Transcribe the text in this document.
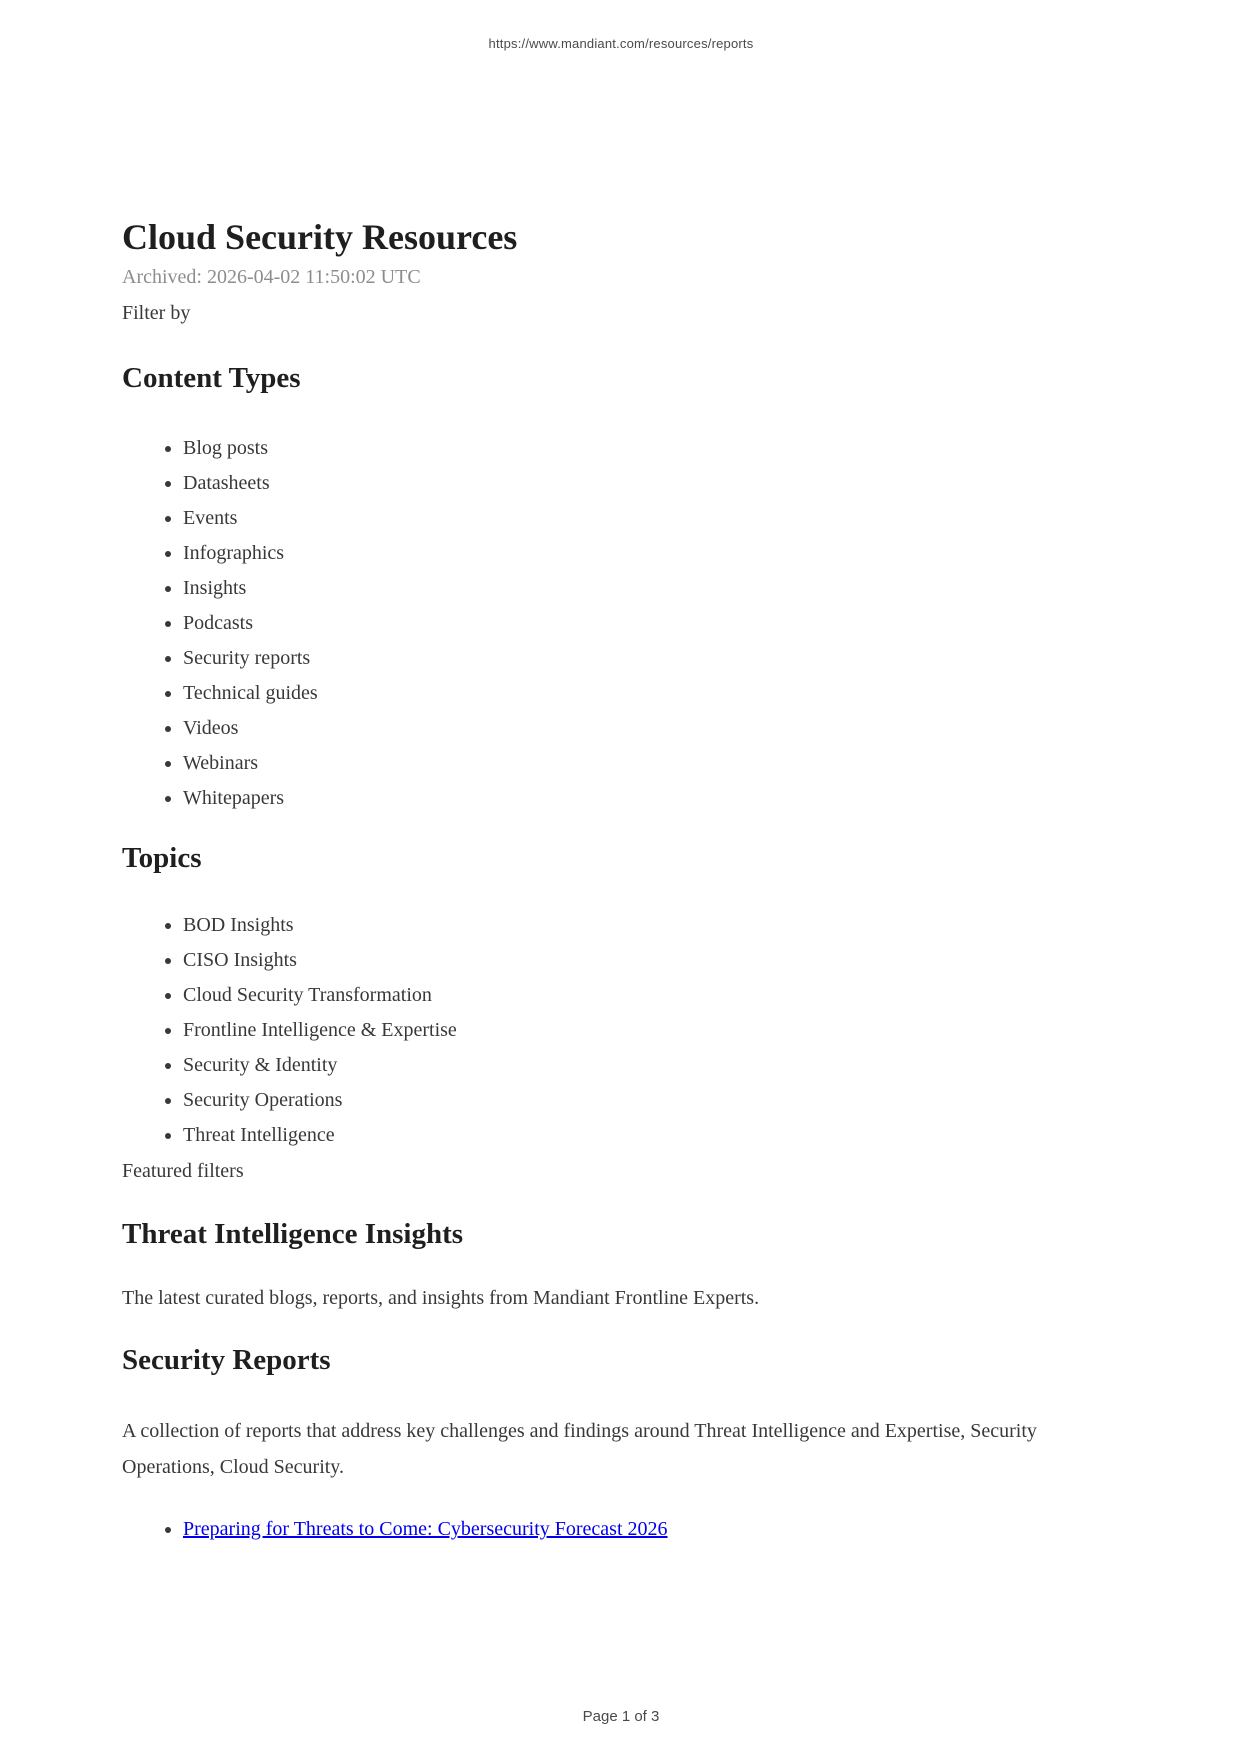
https://www.mandiant.com/resources/reports
Cloud Security Resources

Archived: 2026-04-02 11:50:02 UTC

Filter by

Content Types
• Blog posts
• Datasheets
• Events
• Infographics
• Insights
• Podcasts
• Security reports
• Technical guides
• Videos
• Webinars
• Whitepapers
Topics
• BOD Insights
• CISO Insights
• Cloud Security Transformation
• Frontline Intelligence & Expertise
• Security & Identity
• Security Operations
• Threat Intelligence

Featured filters

Threat Intelligence Insights

The latest curated blogs, reports, and insights from Mandiant Frontline Experts.

Security Reports

A collection of reports that address key challenges and findings around Threat Intelligence and Expertise, Security Operations, Cloud Security.

• Preparing for Threats to Come: Cybersecurity Forecast 2026
Page 1 of 3
